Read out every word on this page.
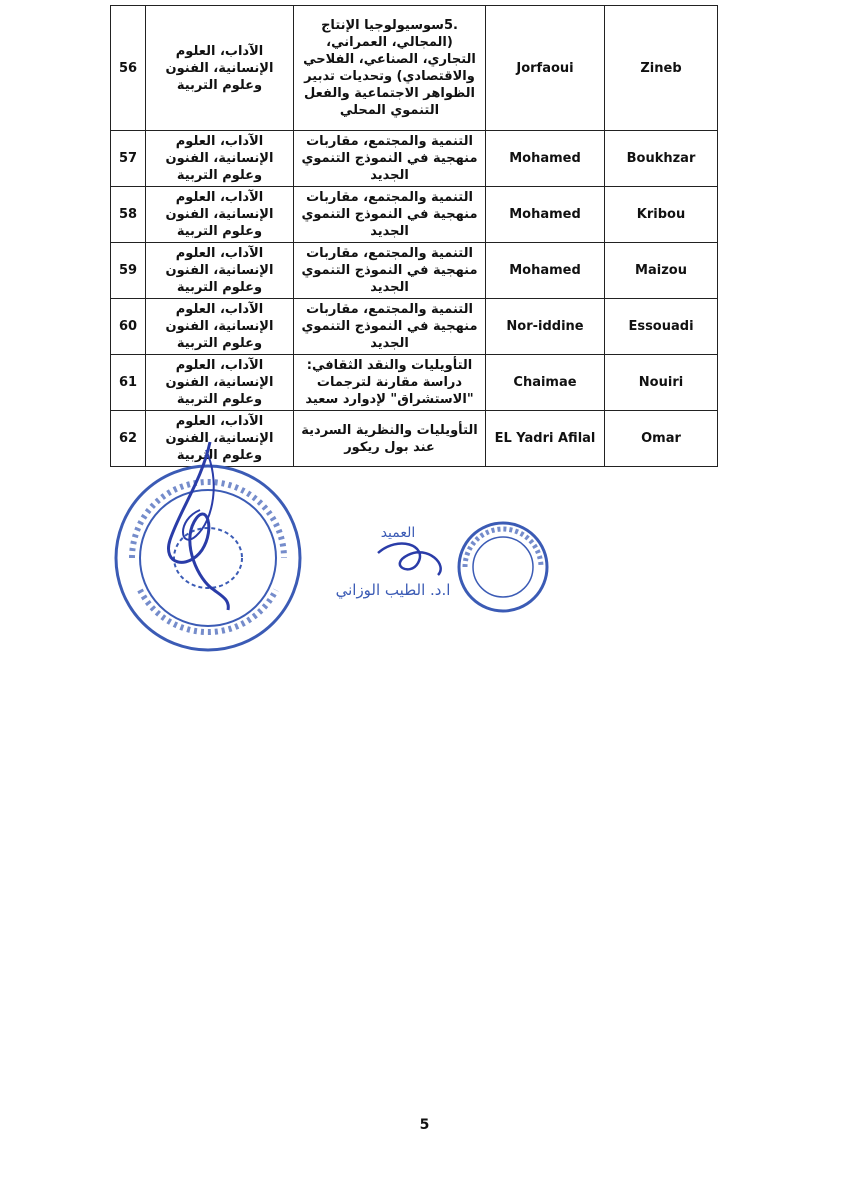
56	الآداب، العلوم الإنسانية، الفنون وعلوم التربية	.5سوسيولوجيا الإنتاج (المجالي، العمراني، التجاري، الصناعي، الفلاحي والاقتصادي) وتحديات تدبير الظواهر الاجتماعية والفعل التنموي المحلي	Jorfaoui	Zineb
57	الآداب، العلوم الإنسانية، الفنون وعلوم التربية	التنمية والمجتمع، مقاربات منهجية في النموذج التنموي الجديد	Mohamed	Boukhzar
58	الآداب، العلوم الإنسانية، الفنون وعلوم التربية	التنمية والمجتمع، مقاربات منهجية في النموذج التنموي الجديد	Mohamed	Kribou
59	الآداب، العلوم الإنسانية، الفنون وعلوم التربية	التنمية والمجتمع، مقاربات منهجية في النموذج التنموي الجديد	Mohamed	Maizou
60	الآداب، العلوم الإنسانية، الفنون وعلوم التربية	التنمية والمجتمع، مقاربات منهجية في النموذج التنموي الجديد	Nor-iddine	Essouadi
61	الآداب، العلوم الإنسانية، الفنون وعلوم التربية	التأويليات والنقد الثقافي: دراسة مقارنة لترجمات "الاستشراق" لإدوارد سعيد	Chaimae	Nouiri
62	الآداب، العلوم الإنسانية، الفنون وعلوم التربية	التأويليات والنظرية السردية عند بول ريكور	EL Yadri Afilal	Omar
العميد
ا.د. الطيب الوزاني
5
